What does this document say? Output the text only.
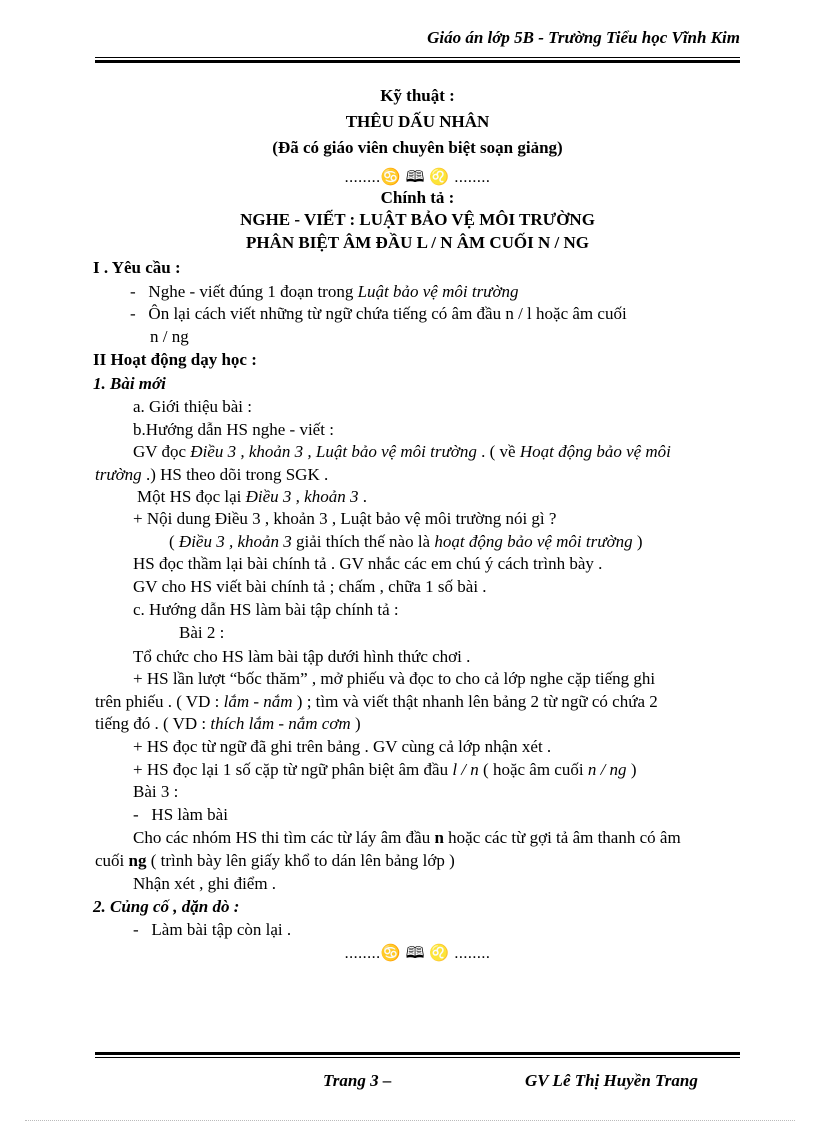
Giáo án lớp 5B - Trường Tiểu học Vĩnh Kim
Kỹ thuật :
THÊU DẤU NHÂN
(Đã có giáo viên chuyên biệt soạn giảng)
........♋ 🕮 ♌ ........
Chính tả :
NGHE - VIẾT : LUẬT BẢO VỆ MÔI TRƯỜNG
PHÂN BIỆT ÂM ĐẦU L / N ÂM CUỐI N / NG
I . Yêu cầu :
-   Nghe - viết đúng 1 đoạn trong Luật bảo vệ môi trường
-   Ôn lại cách viết những từ ngữ chứa tiếng có âm đầu n / l hoặc âm cuối
n / ng
II Hoạt động dạy học :
1. Bài mới
a. Giới thiệu bài :
b.Hướng dẫn HS nghe - viết :
GV đọc Điều 3 , khoản 3 , Luật bảo vệ môi trường . ( về Hoạt động bảo vệ môi
trường .) HS theo dõi trong SGK .
Một HS đọc lại Điều 3 , khoản 3 .
+ Nội dung Điều 3 , khoản 3 , Luật bảo vệ môi trường nói gì ?
( Điều 3 , khoản 3 giải thích thế nào là hoạt động bảo vệ môi trường )
HS đọc thầm lại bài chính tả . GV nhắc các em chú ý cách trình bày .
GV cho HS viết bài chính tả ; chấm , chữa 1 số bài .
c. Hướng dẫn HS làm bài tập chính tả :
Bài 2 :
Tổ chức cho HS làm bài tập dưới hình thức chơi .
+ HS lần lượt “bốc thăm” , mở phiếu và đọc to cho cả lớp nghe cặp tiếng ghi
trên phiếu . ( VD : lắm - nắm ) ; tìm và viết thật nhanh lên bảng 2 từ ngữ có chứa 2
tiếng đó . ( VD : thích lắm - nắm cơm )
+ HS đọc từ ngữ đã ghi trên bảng . GV cùng cả lớp nhận xét .
+ HS đọc lại 1 số cặp từ ngữ phân biệt âm đầu l / n ( hoặc âm cuối n / ng )
Bài 3 :
-   HS làm bài
Cho các nhóm HS thi tìm các từ láy âm đầu n hoặc các từ gợi tả âm thanh có âm
cuối ng ( trình bày lên giấy khổ to dán lên bảng lớp )
Nhận xét , ghi điểm .
2. Củng cố , dặn dò :
-   Làm bài tập còn lại .
........♋ 🕮 ♌ ........
Trang 3 –	GV Lê Thị Huyền Trang
